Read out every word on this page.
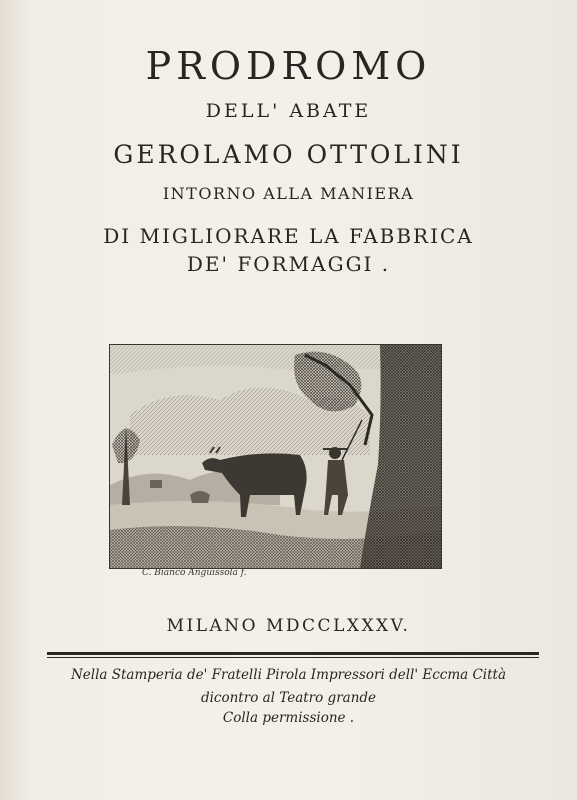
PRODROMO
DELL' ABATE
GEROLAMO OTTOLINI
INTORNO ALLA MANIERA
DI MIGLIORARE LA FABBRICA
DE' FORMAGGI .
C. Bianco Anguissola f.
MILANO MDCCLXXXV.
Nella Stamperia de' Fratelli Pirola Impressori dell' Eccma Città
dicontro al Teatro grande
Colla permissione .
